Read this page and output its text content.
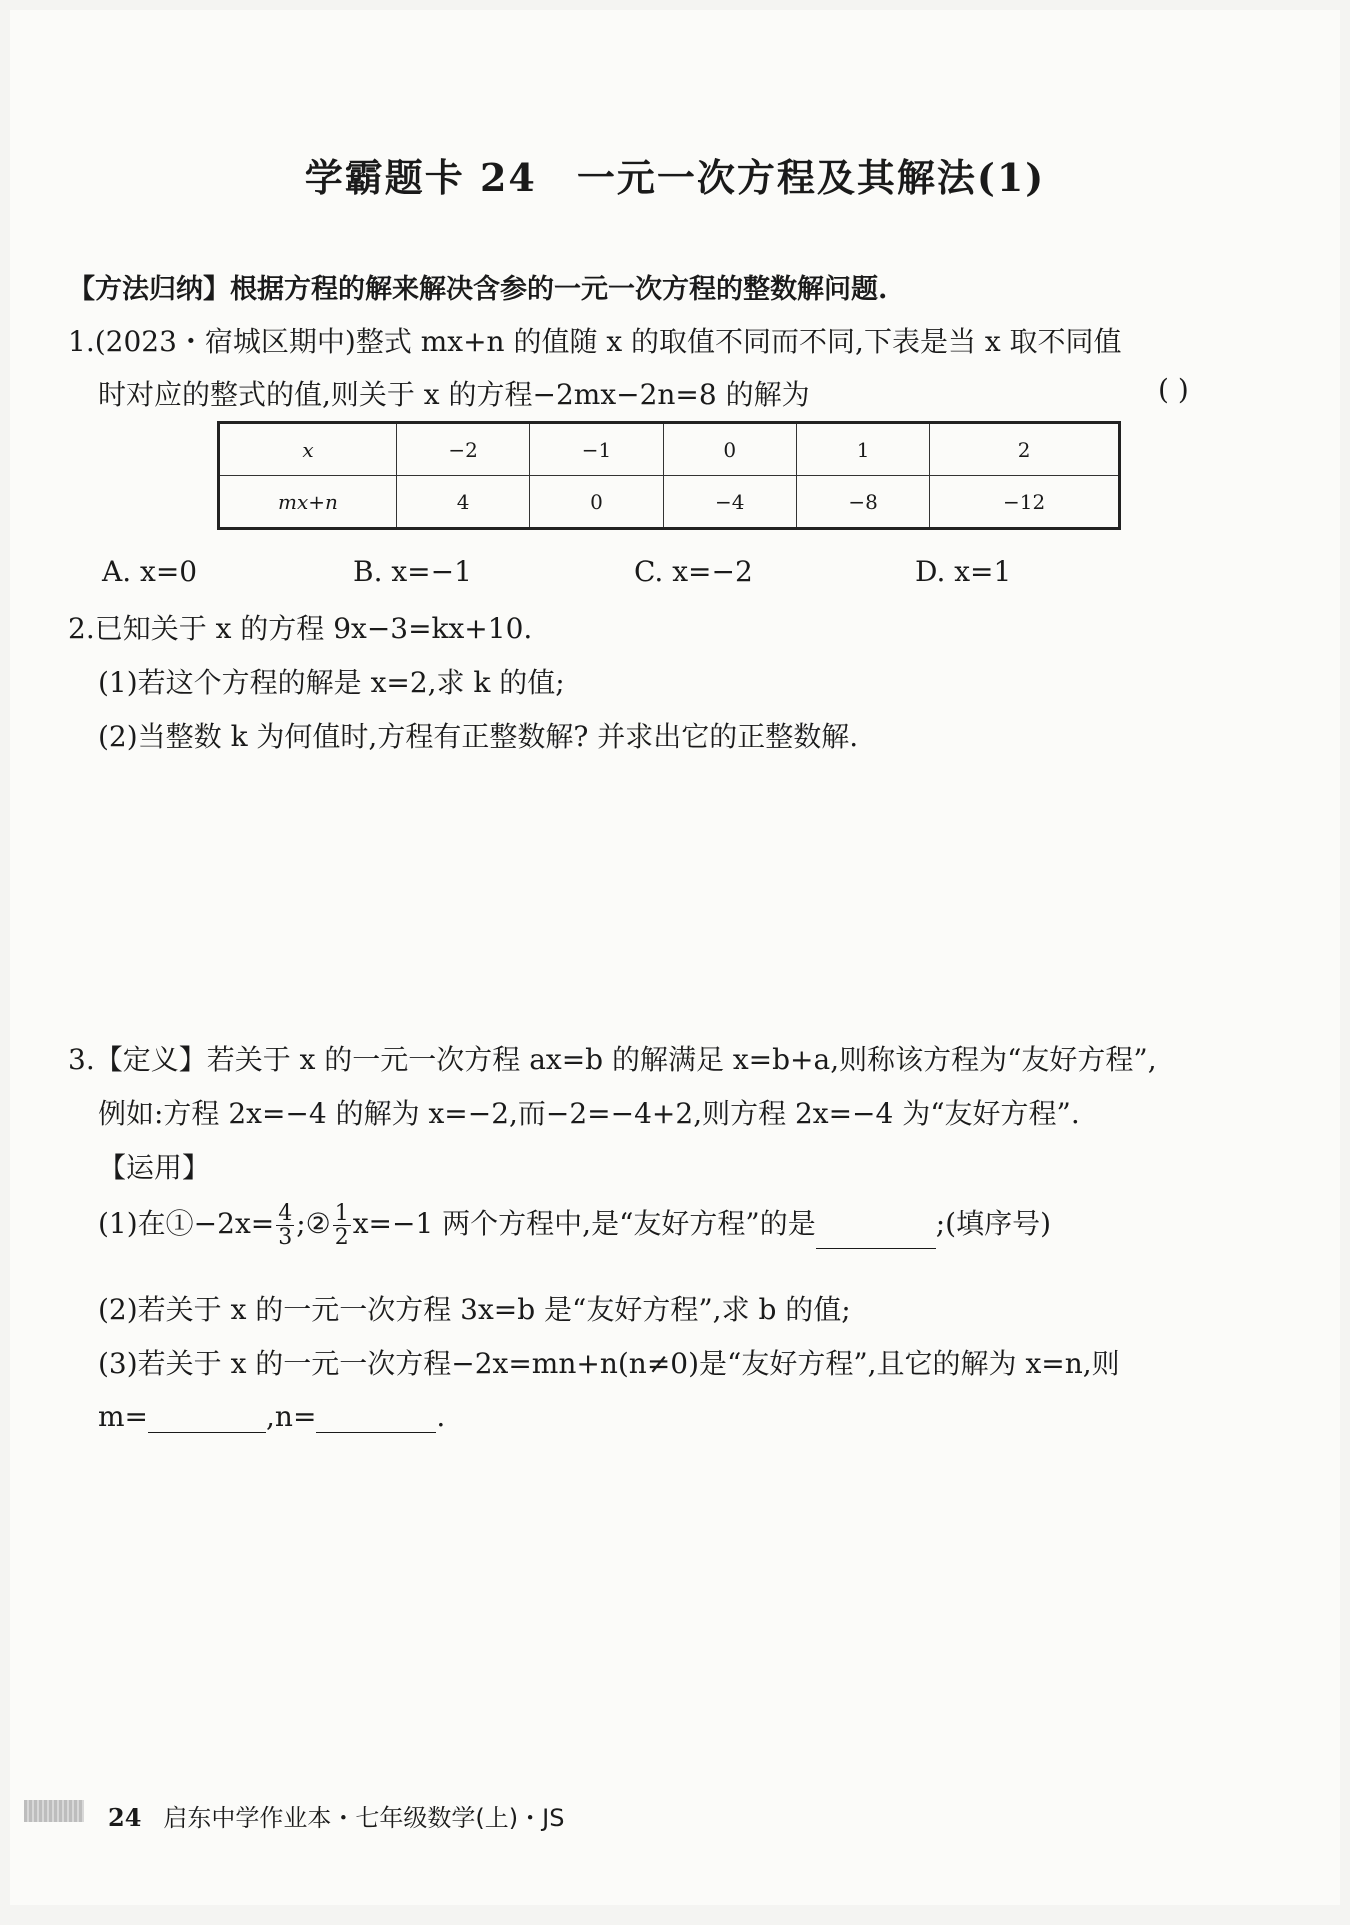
学霸题卡 24 一元一次方程及其解法(1)
【方法归纳】根据方程的解来解决含参的一元一次方程的整数解问题.
1.(2023・宿城区期中)整式 mx+n 的值随 x 的取值不同而不同,下表是当 x 取不同值
时对应的整式的值,则关于 x 的方程−2mx−2n=8 的解为	( )
x	−2	−1	0	1	2
mx+n	4	0	−4	−8	−12
A. x=0	B. x=−1	C. x=−2	D. x=1
2.已知关于 x 的方程 9x−3=kx+10.
(1)若这个方程的解是 x=2,求 k 的值;
(2)当整数 k 为何值时,方程有正整数解? 并求出它的正整数解.
3.【定义】若关于 x 的一元一次方程 ax=b 的解满足 x=b+a,则称该方程为“友好方程”,
例如:方程 2x=−4 的解为 x=−2,而−2=−4+2,则方程 2x=−4 为“友好方程”.
【运用】
(1)在①−2x= $\frac{4}{3}$ ;② $\frac{1}{2} x=-1$ 两个方程中,是“友好方程”的是	;(填序号)
(2)若关于 x 的一元一次方程 3x=b 是“友好方程”,求 b 的值;
(3)若关于 x 的一元一次方程−2x=mn+n(n≠0)是“友好方程”,且它的解为 x=n,则
m=	,n=	.
24 启东中学作业本・七年级数学(上)・JS
